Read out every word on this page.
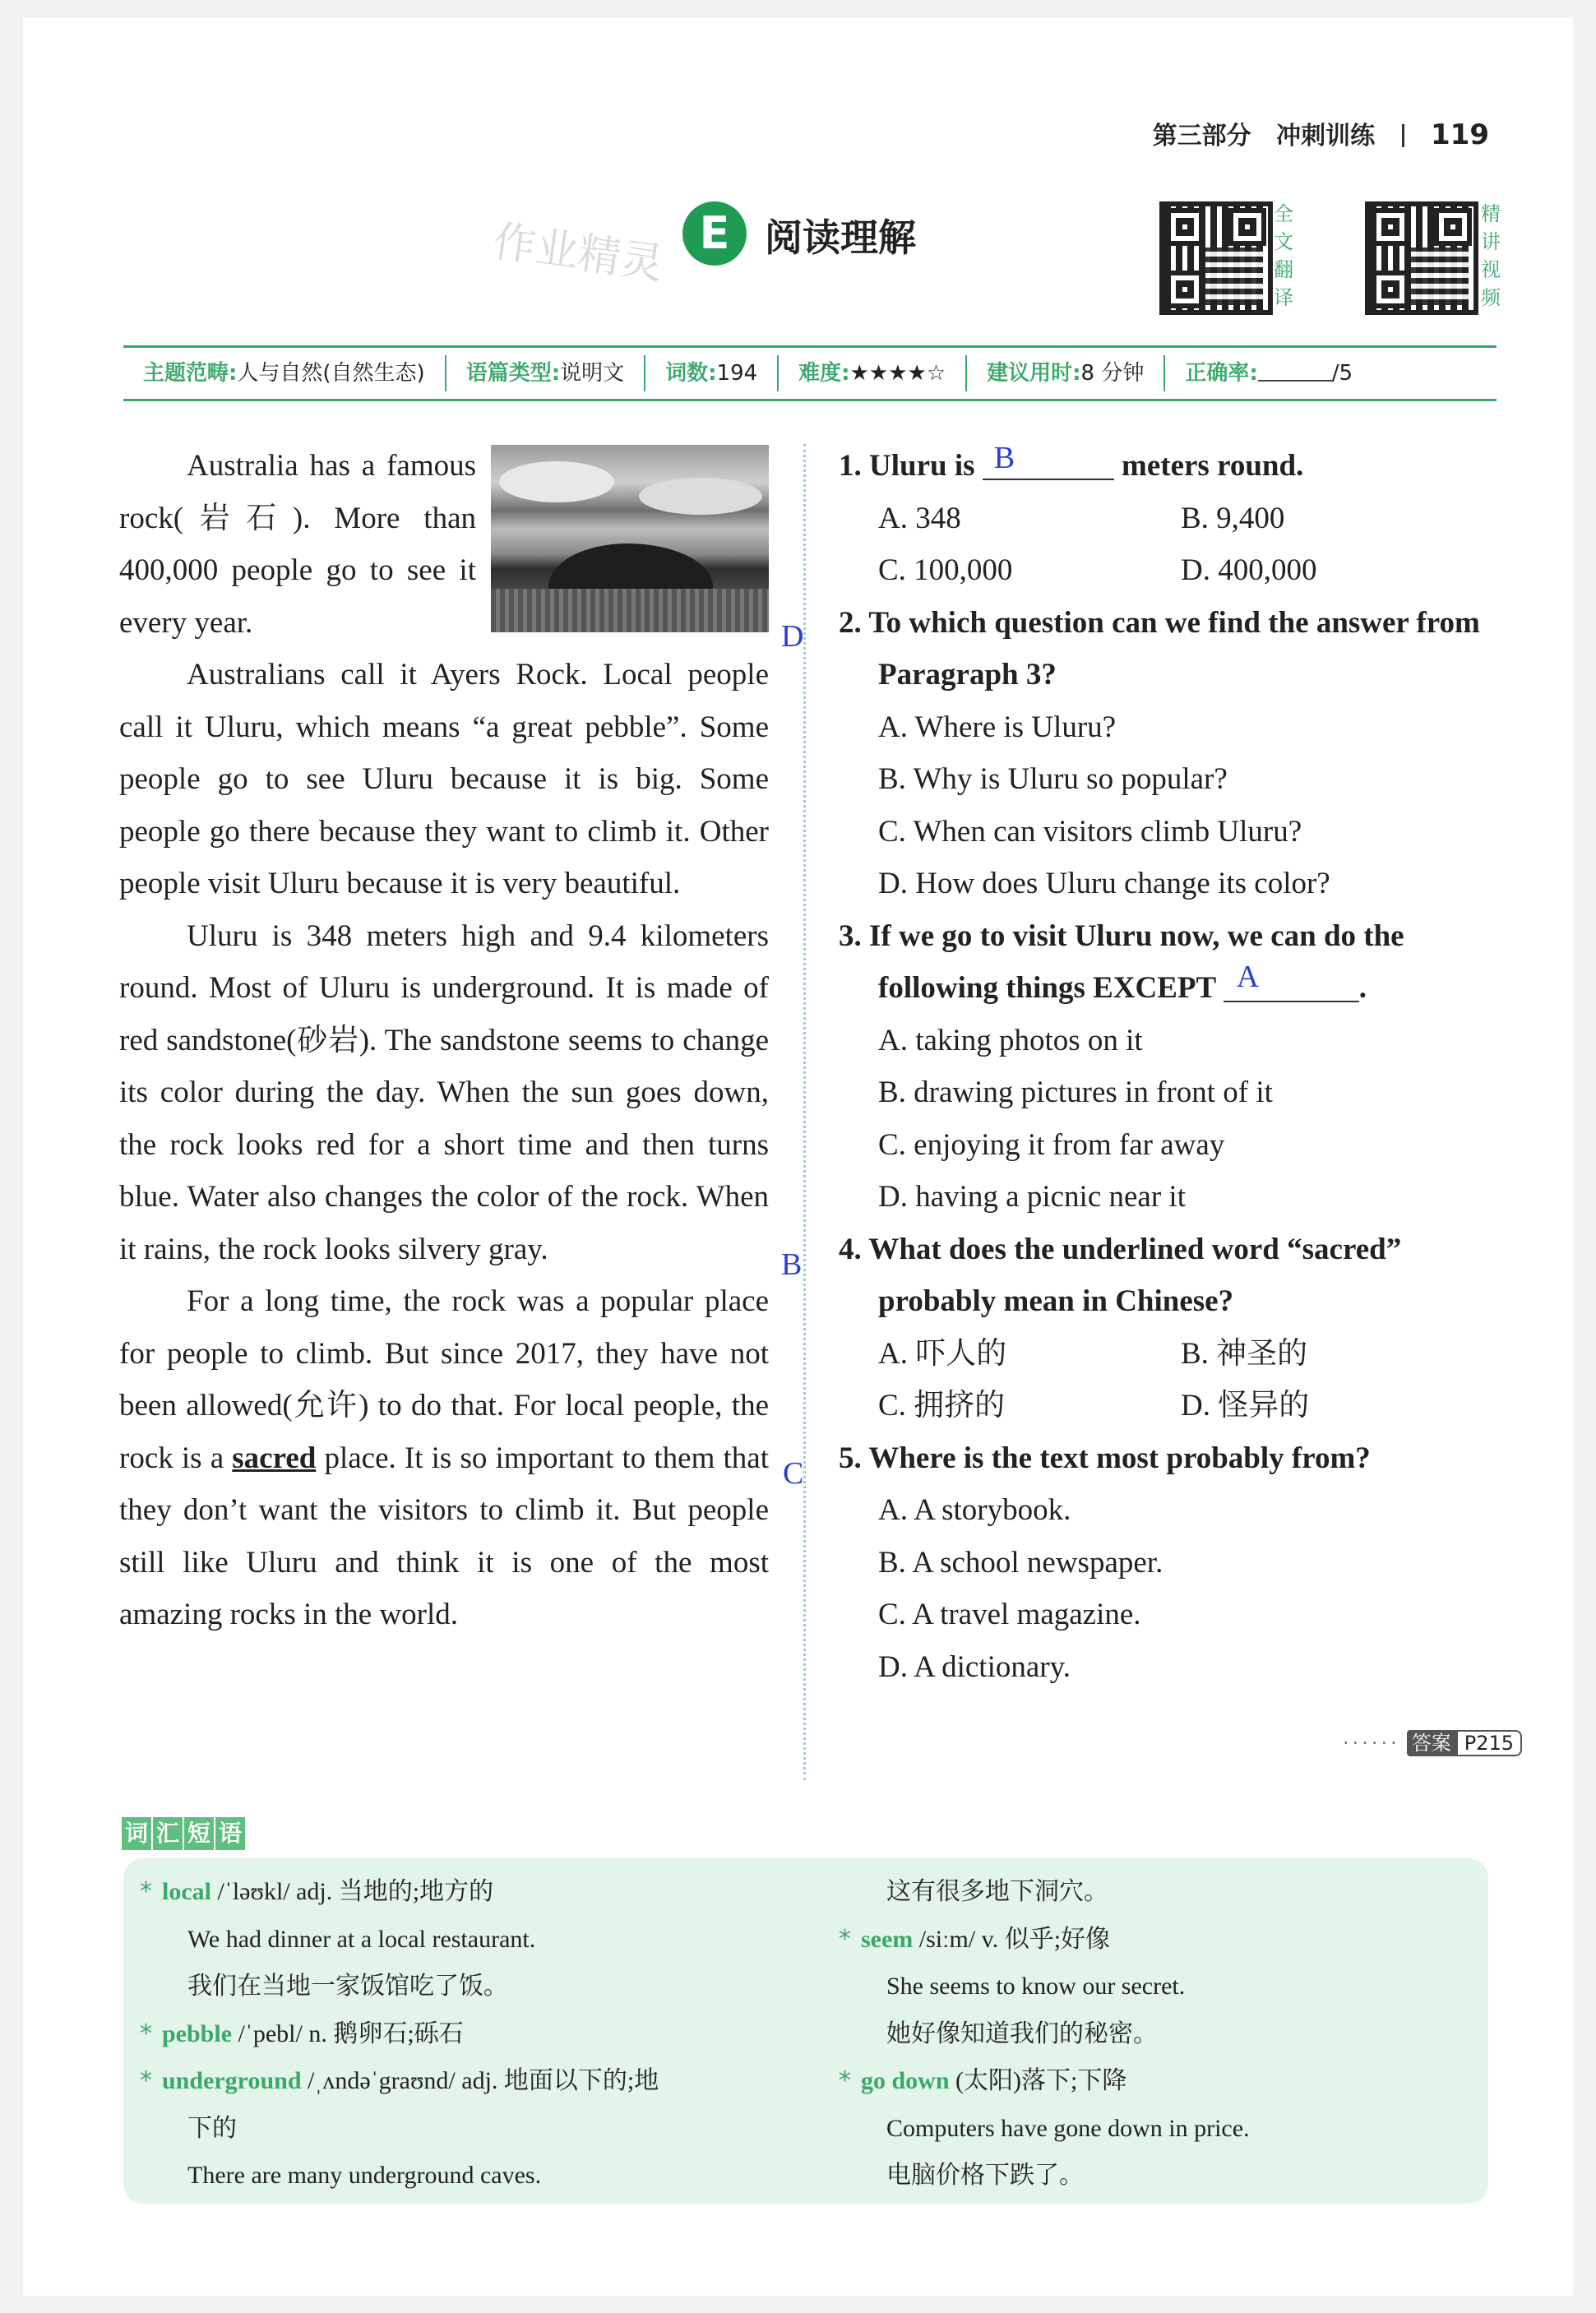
第三部分 冲刺训练 119
作业精灵 E 阅读理解
全
文
翻
译
精
讲
视
频
主题范畴:人与自然(自然生态)	语篇类型:说明文	词数:194	难度:★★★★☆	建议用时:8 分钟	正确率:	/5

Australia has a famous rock(岩石). More than 400,000 people go to see it every year.

Australians call it Ayers Rock. Local people call it Uluru, which means “a great pebble”. Some people go to see Uluru because it is big. Some people go there because they want to climb it. Other people visit Uluru because it is very beautiful.

Uluru is 348 meters high and 9.4 kilometers round. Most of Uluru is underground. It is made of red sandstone(砂岩). The sandstone seems to change its color during the day. When the sun goes down, the rock looks red for a short time and then turns blue. Water also changes the color of the rock. When it rains, the rock looks silvery gray.

For a long time, the rock was a popular place for people to climb. But since 2017, they have not been allowed(允许) to do that. For local people, the rock is a sacred place. It is so important to them that they don’t want the visitors to climb it. But people still like Uluru and think it is one of the most amazing rocks in the world.

D
B
C
1. Uluru is B	meters round.
A. 348	B. 9,400
C. 100,000	D. 400,000
2. To which question can we find the answer from Paragraph 3?
A. Where is Uluru?
B. Why is Uluru so popular?
C. When can visitors climb Uluru?
D. How does Uluru change its color?
3. If we go to visit Uluru now, we can do the following things EXCEPT A	.
A. taking photos on it
B. drawing pictures in front of it
C. enjoying it from far away
D. having a picnic near it
4. What does the underlined word “sacred” probably mean in Chinese?
A. 吓人的	B. 神圣的
C. 拥挤的	D. 怪异的
5. Where is the text most probably from?
A. A storybook.
B. A school newspaper.
C. A travel magazine.
D. A dictionary.
······ 答案 P215
词 汇 短 语
* local /ˈləʊkl/ adj. 当地的;地方的
We had dinner at a local restaurant.
我们在当地一家饭馆吃了饭。
* pebble /ˈpebl/ n. 鹅卵石;砾石
* underground /ˌʌndəˈgraʊnd/ adj. 地面以下的;地
下的
There are many underground caves.
这有很多地下洞穴。
* seem /siːm/ v. 似乎;好像
She seems to know our secret.
她好像知道我们的秘密。
* go down (太阳)落下;下降
Computers have gone down in price.
电脑价格下跌了。
